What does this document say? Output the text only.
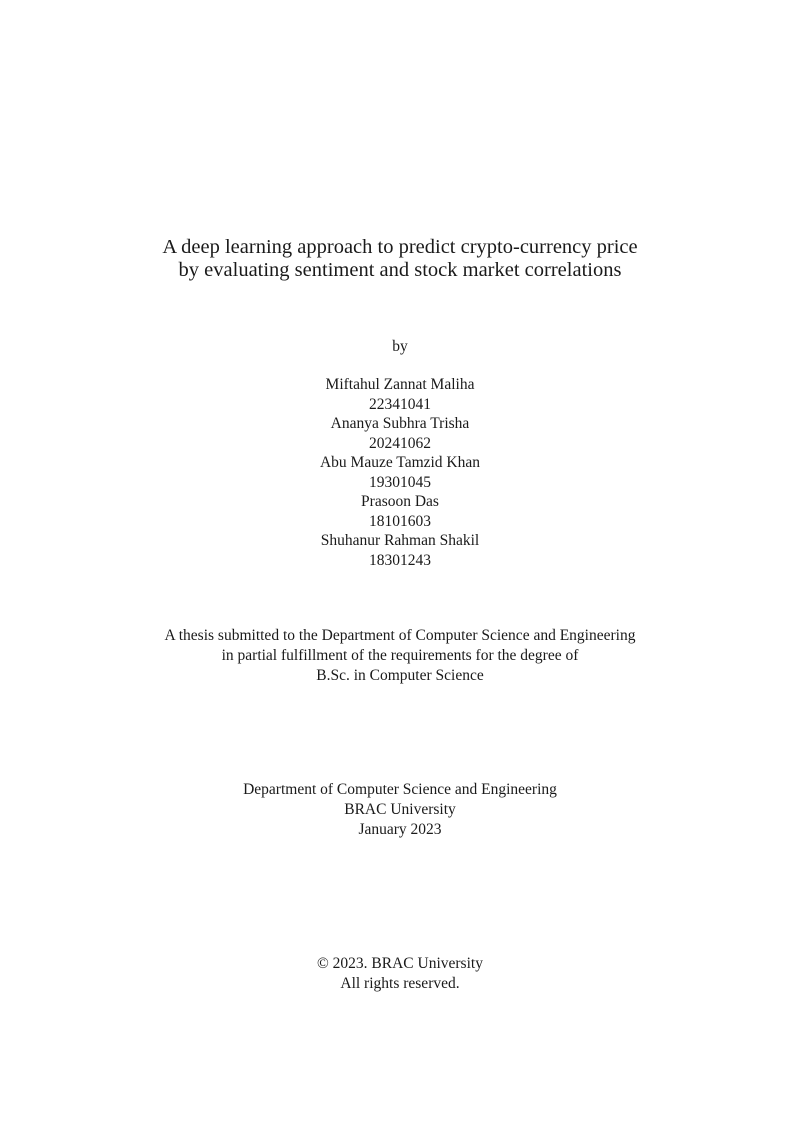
A deep learning approach to predict crypto-currency price
by evaluating sentiment and stock market correlations
by
Miftahul Zannat Maliha
22341041
Ananya Subhra Trisha
20241062
Abu Mauze Tamzid Khan
19301045
Prasoon Das
18101603
Shuhanur Rahman Shakil
18301243
A thesis submitted to the Department of Computer Science and Engineering
in partial fulfillment of the requirements for the degree of
B.Sc. in Computer Science
Department of Computer Science and Engineering
BRAC University
January 2023
© 2023. BRAC University
All rights reserved.
